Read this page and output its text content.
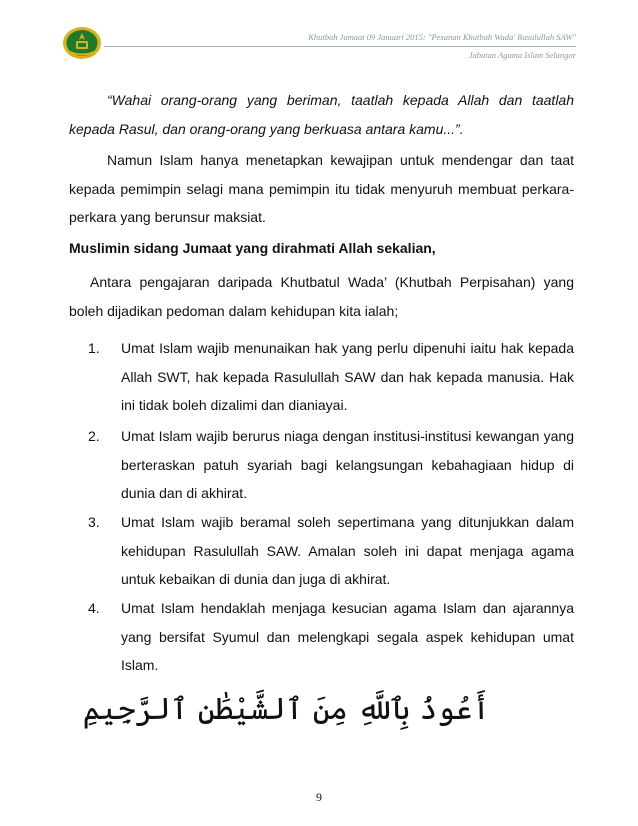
Khutbah Jumaat 09 Januari 2015: "Pesanan Khutbah Wada' Rasulullah SAW"
Jabatan Agama Islam Selangor

“Wahai orang-orang yang beriman, taatlah kepada Allah dan taatlah kepada Rasul, dan orang-orang yang berkuasa antara kamu...”.

Namun Islam hanya menetapkan kewajipan untuk mendengar dan taat kepada pemimpin selagi mana pemimpin itu tidak menyuruh membuat perkara-perkara yang berunsur maksiat.

Muslimin sidang Jumaat yang dirahmati Allah sekalian,

Antara pengajaran daripada Khutbatul Wada’ (Khutbah Perpisahan) yang boleh dijadikan pedoman dalam kehidupan kita ialah;

1. Umat Islam wajib menunaikan hak yang perlu dipenuhi iaitu hak kepada Allah SWT, hak kepada Rasulullah SAW dan hak kepada manusia. Hak ini tidak boleh dizalimi dan dianiayai.
2. Umat Islam wajib berurus niaga dengan institusi-institusi kewangan yang berteraskan patuh syariah bagi kelangsungan kebahagiaan hidup di dunia dan di akhirat.
3. Umat Islam wajib beramal soleh sepertimana yang ditunjukkan dalam kehidupan Rasulullah SAW. Amalan soleh ini dapat menjaga agama untuk kebaikan di dunia dan juga di akhirat.
4. Umat Islam hendaklah menjaga kesucian agama Islam dan ajarannya yang bersifat Syumul dan melengkapi segala aspek kehidupan umat Islam.
أَعُوذُ بِٱللَّهِ مِنَ ٱلشَّيْطَٰنِ ٱلرَّجِيمِ
9
